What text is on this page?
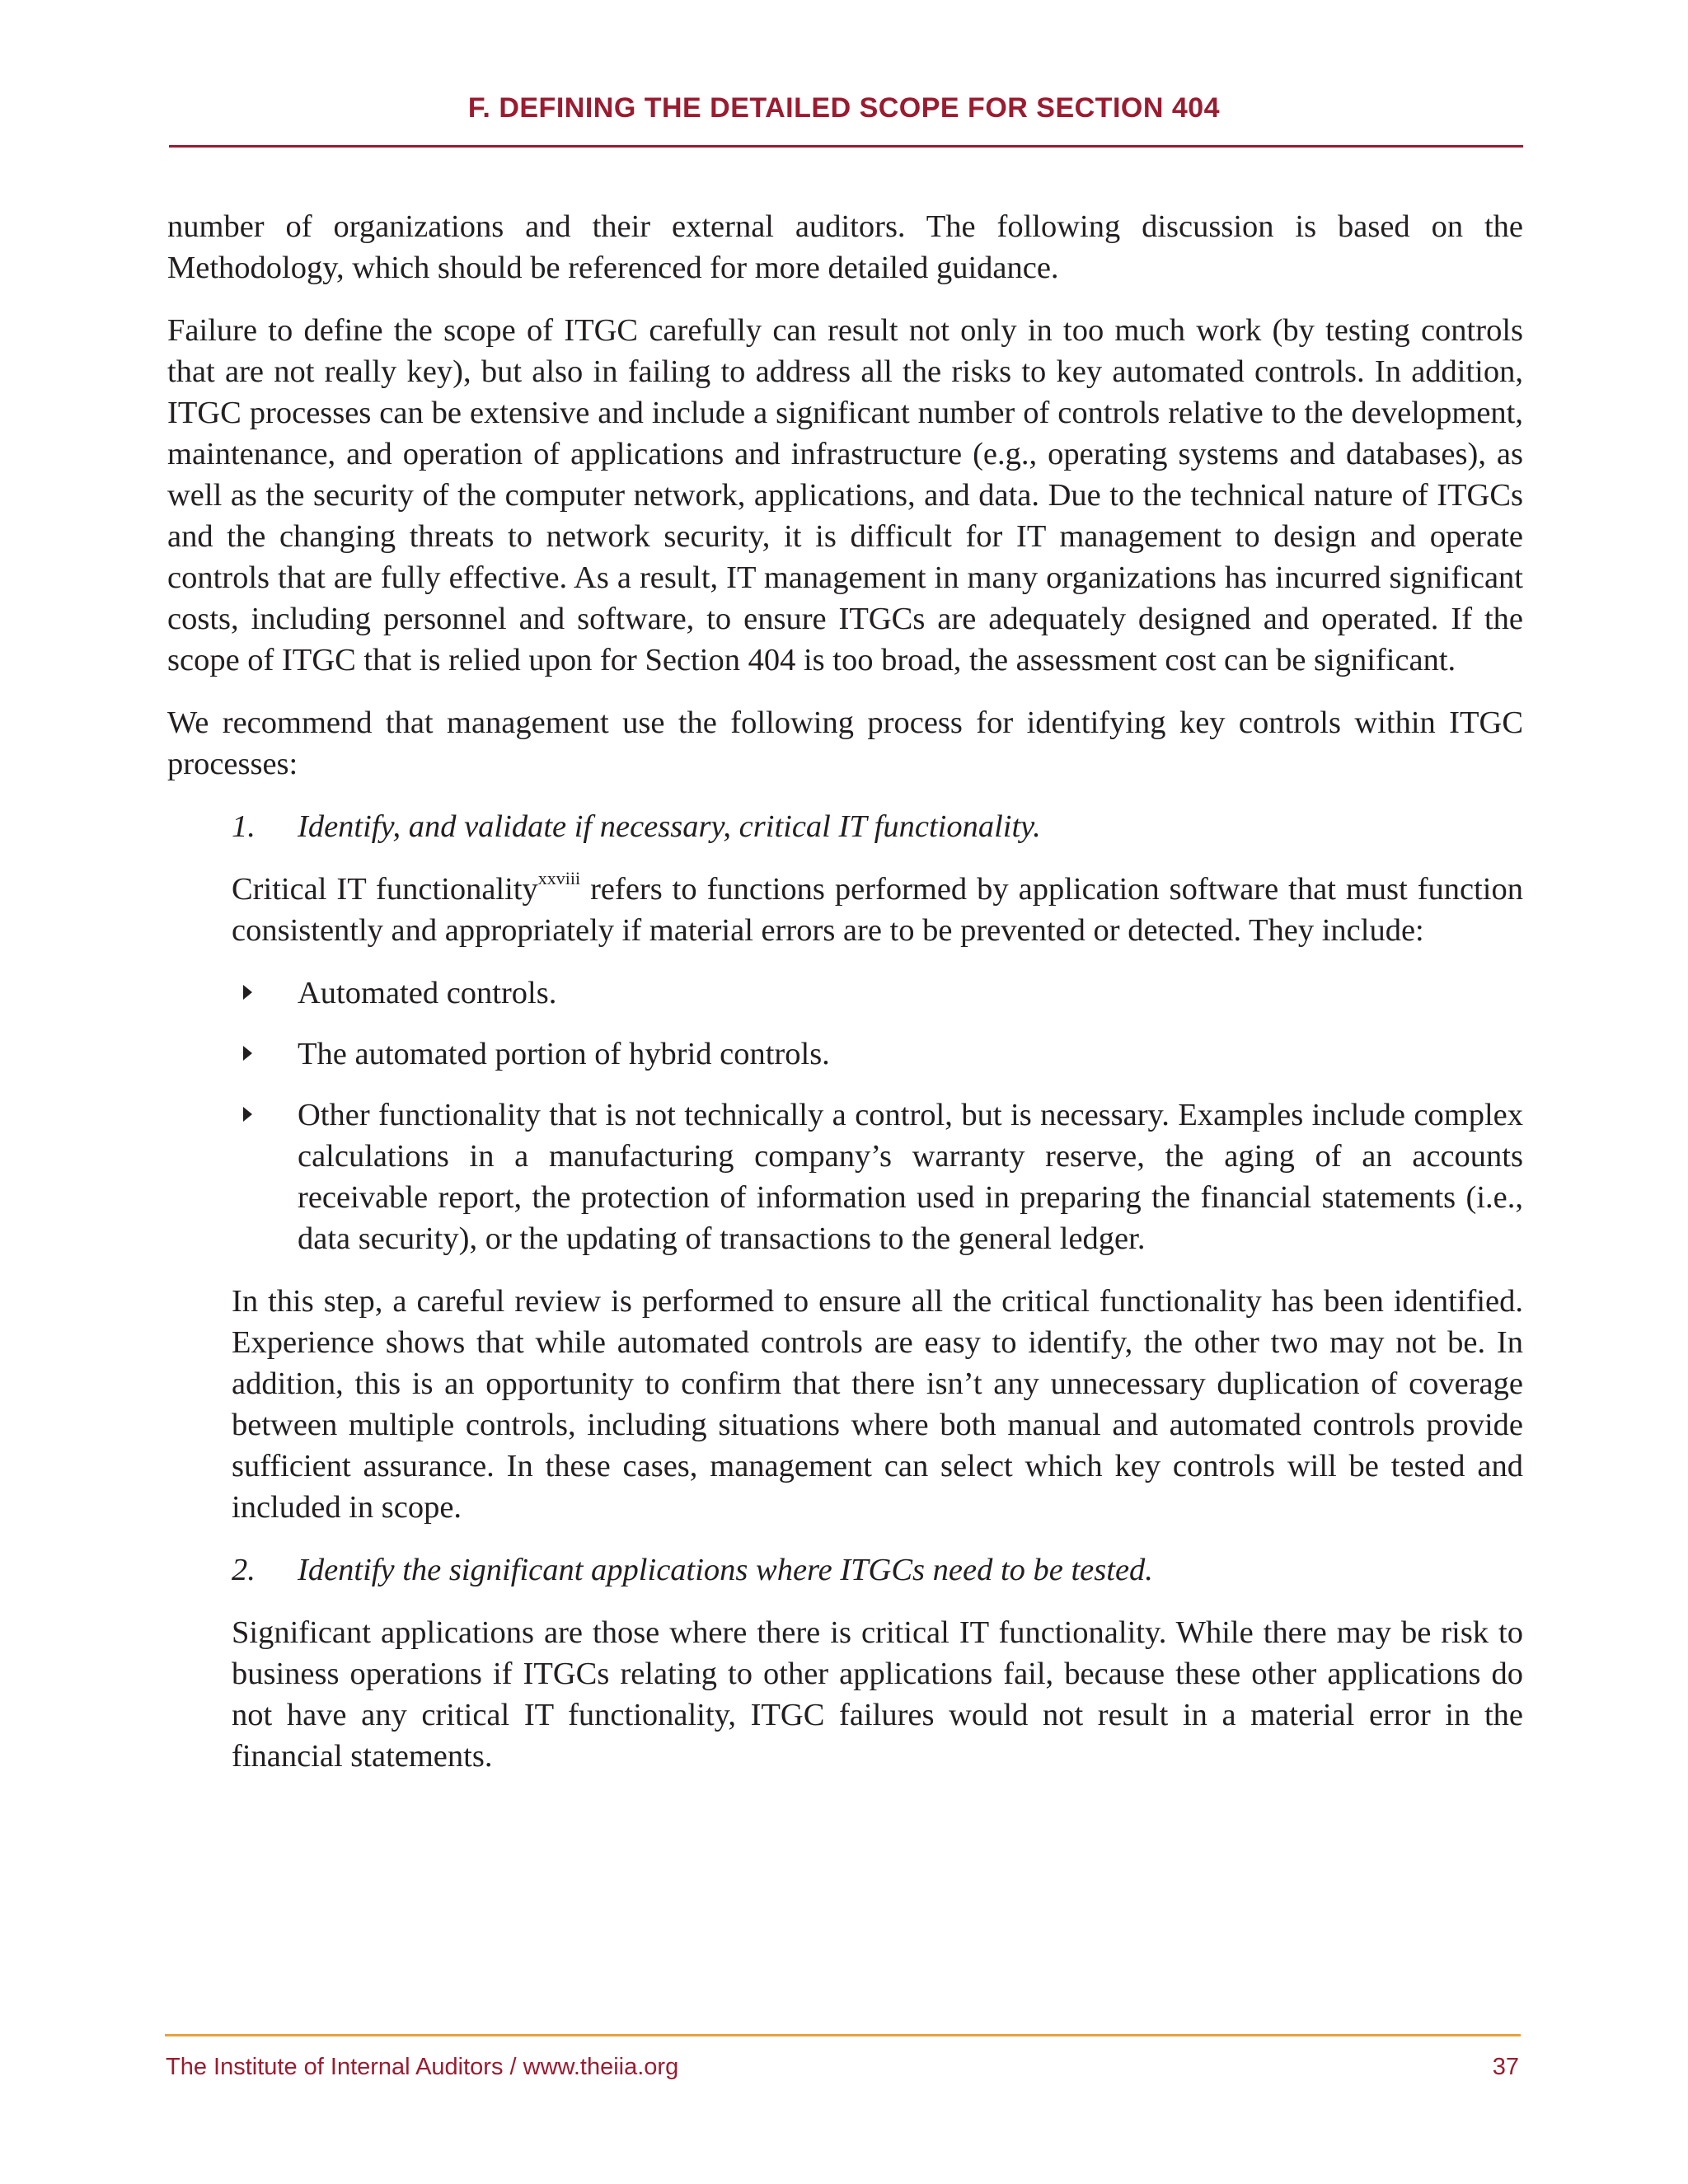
F. DEFINING THE DETAILED SCOPE FOR SECTION 404

number of organizations and their external auditors. The following discussion is based on the Methodology, which should be referenced for more detailed guidance.

Failure to define the scope of ITGC carefully can result not only in too much work (by testing controls that are not really key), but also in failing to address all the risks to key automated controls. In addition, ITGC processes can be extensive and include a significant number of controls relative to the development, maintenance, and operation of applications and infrastructure (e.g., operating systems and databases), as well as the security of the computer network, applications, and data. Due to the technical nature of ITGCs and the changing threats to network security, it is difficult for IT management to design and operate controls that are fully effective. As a result, IT management in many organizations has incurred significant costs, including personnel and software, to ensure ITGCs are adequately designed and operated. If the scope of ITGC that is relied upon for Section 404 is too broad, the assessment cost can be significant.

We recommend that management use the following process for identifying key controls within ITGC processes:

1.	Identify, and validate if necessary, critical IT functionality.

Critical IT functionality$^{xxviii}$ refers to functions performed by application software that must function consistently and appropriately if material errors are to be prevented or detected. They include:

Automated controls.
The automated portion of hybrid controls.
Other functionality that is not technically a control, but is necessary. Examples include complex calculations in a manufacturing company’s warranty reserve, the aging of an accounts receivable report, the protection of information used in preparing the financial statements (i.e., data security), or the updating of transactions to the general ledger.

In this step, a careful review is performed to ensure all the critical functionality has been identified. Experience shows that while automated controls are easy to identify, the other two may not be. In addition, this is an opportunity to confirm that there isn’t any unnecessary duplication of coverage between multiple controls, including situations where both manual and automated controls provide sufficient assurance. In these cases, management can select which key controls will be tested and included in scope.

2.	Identify the significant applications where ITGCs need to be tested.

Significant applications are those where there is critical IT functionality. While there may be risk to business operations if ITGCs relating to other applications fail, because these other applications do not have any critical IT functionality, ITGC failures would not result in a material error in the financial statements.

The Institute of Internal Auditors / www.theiia.org	37
